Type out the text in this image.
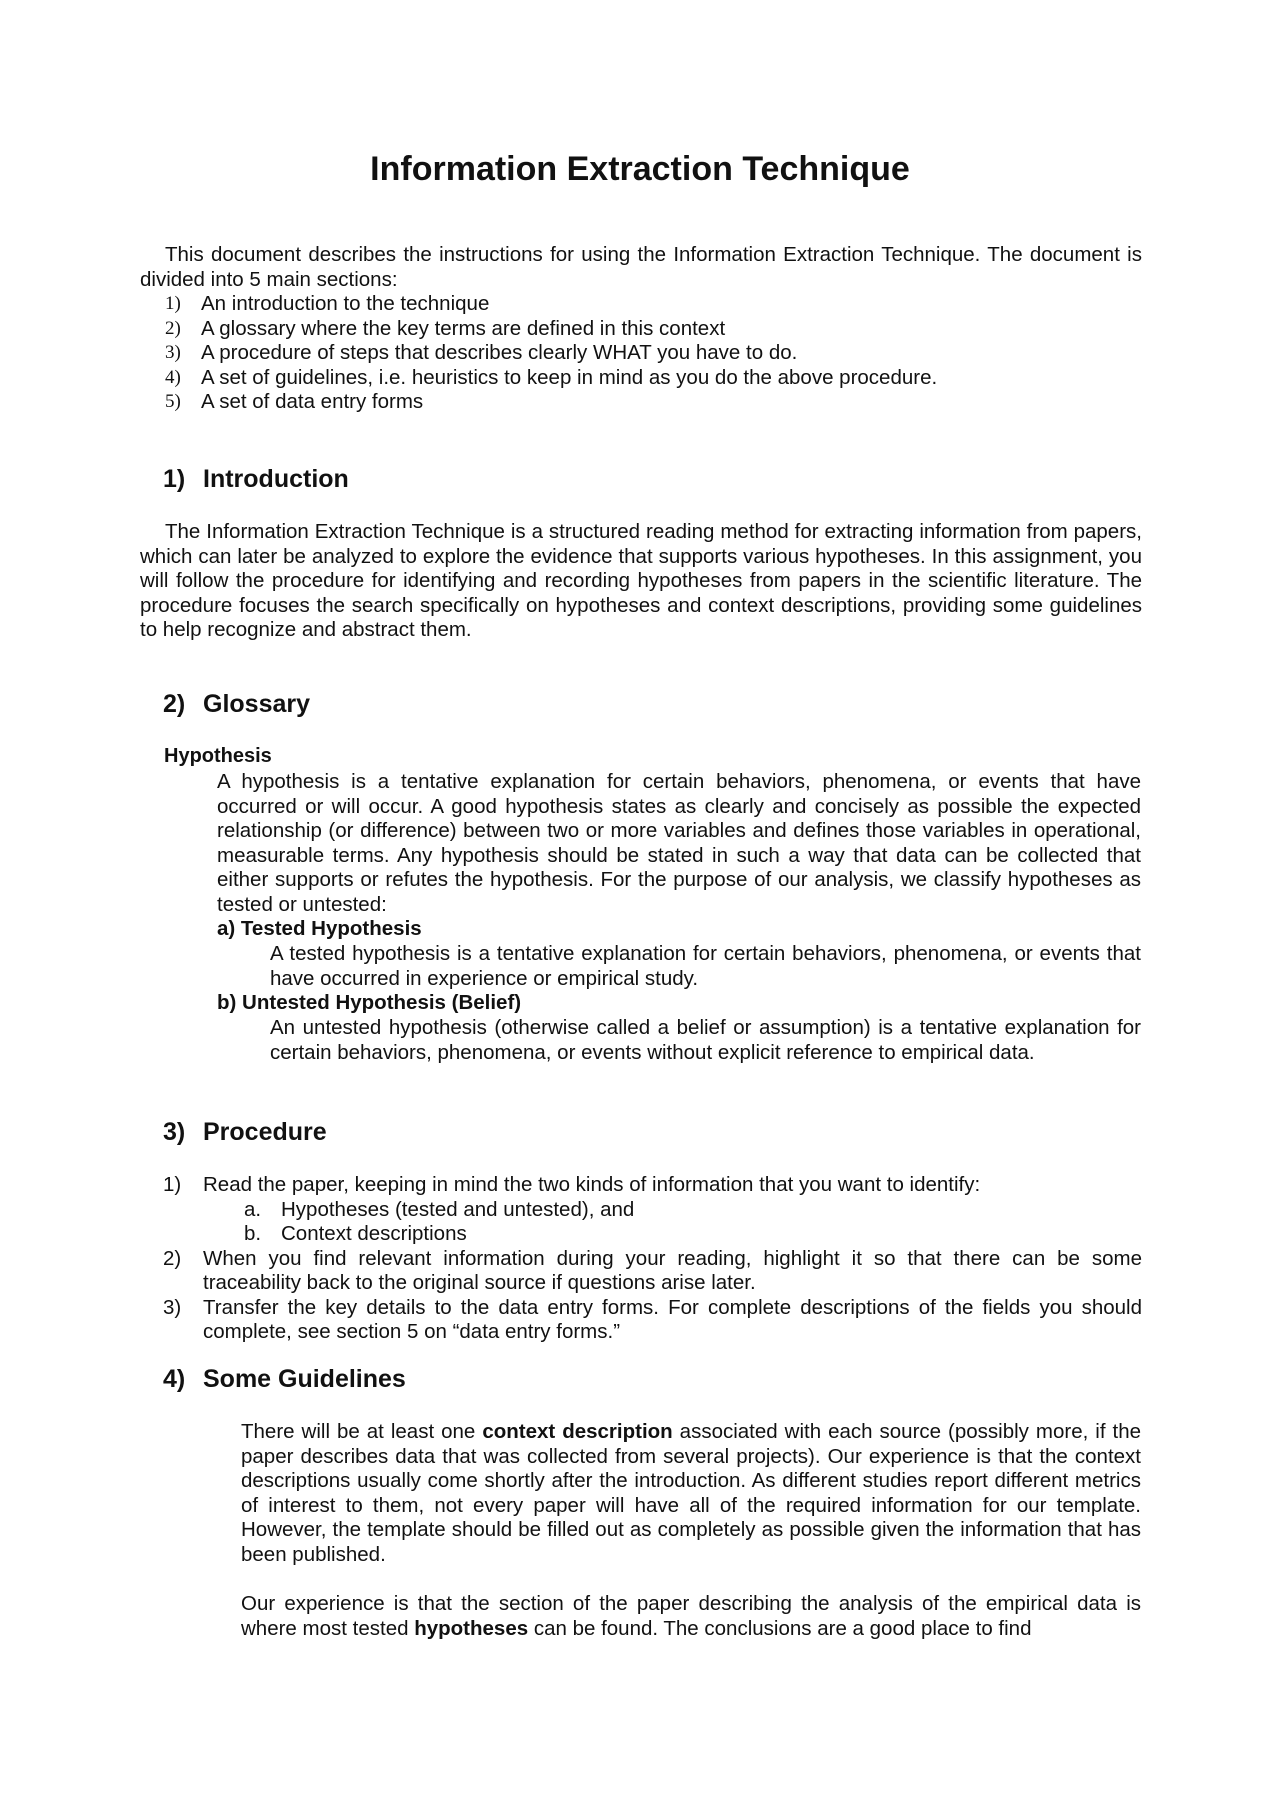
Information Extraction Technique

This document describes the instructions for using the Information Extraction Technique. The document is divided into 5 main sections:

1) An introduction to the technique
2) A glossary where the key terms are defined in this context
3) A procedure of steps that describes clearly WHAT you have to do.
4) A set of guidelines, i.e. heuristics to keep in mind as you do the above procedure.
5) A set of data entry forms
1) Introduction

The Information Extraction Technique is a structured reading method for extracting information from papers, which can later be analyzed to explore the evidence that supports various hypotheses. In this assignment, you will follow the procedure for identifying and recording hypotheses from papers in the scientific literature. The procedure focuses the search specifically on hypotheses and context descriptions, providing some guidelines to help recognize and abstract them.

2) Glossary

Hypothesis

A hypothesis is a tentative explanation for certain behaviors, phenomena, or events that have occurred or will occur. A good hypothesis states as clearly and concisely as possible the expected relationship (or difference) between two or more variables and defines those variables in operational, measurable terms. Any hypothesis should be stated in such a way that data can be collected that either supports or refutes the hypothesis. For the purpose of our analysis, we classify hypotheses as tested or untested:

a) Tested Hypothesis

A tested hypothesis is a tentative explanation for certain behaviors, phenomena, or events that have occurred in experience or empirical study.

b) Untested Hypothesis (Belief)

An untested hypothesis (otherwise called a belief or assumption) is a tentative explanation for certain behaviors, phenomena, or events without explicit reference to empirical data.

3) Procedure
1) Read the paper, keeping in mind the two kinds of information that you want to identify:
a. Hypotheses (tested and untested), and
b. Context descriptions
2) When you find relevant information during your reading, highlight it so that there can be some traceability back to the original source if questions arise later.
3) Transfer the key details to the data entry forms. For complete descriptions of the fields you should complete, see section 5 on “data entry forms.”
4) Some Guidelines

There will be at least one context description associated with each source (possibly more, if the paper describes data that was collected from several projects). Our experience is that the context descriptions usually come shortly after the introduction. As different studies report different metrics of interest to them, not every paper will have all of the required information for our template. However, the template should be filled out as completely as possible given the information that has been published.

Our experience is that the section of the paper describing the analysis of the empirical data is where most tested hypotheses can be found. The conclusions are a good place to find
